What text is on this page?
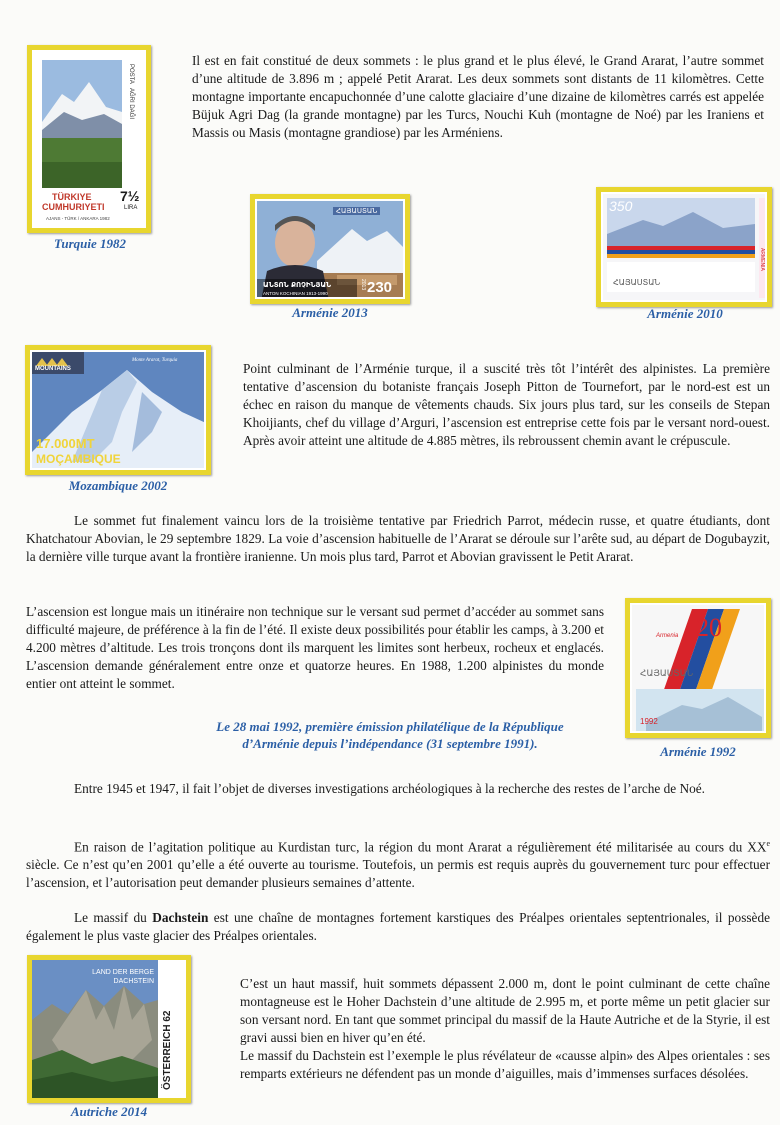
POSTA
AĞRI DAĞI
TÜRKIYE
CUMHURIYETI
7½
LIRA
AJANS - TÜRK / ANKARA 1982
Turquie 1982
Il est en fait constitué de deux sommets : le plus grand et le plus élevé, le Grand Ararat, l’autre sommet d’une altitude de 3.896 m ; appelé Petit Ararat. Les deux sommets sont distants de 11 kilomètres. Cette montagne importante encapuchonnée d’une calotte glaciaire d’une dizaine de kilomètres carrés est appelée Büjuk Agri Dag (la grande montagne) par les Turcs, Nouchi Kuh (montagne de Noé) par les Iraniens et Massis ou Masis (montagne grandiose) par les Arméniens.
ՀԱՅԱՍՏԱՆ
ԱՆՏՈՆ ՔՈՉԻՆՅԱՆ
ANTON KOCHINIAN 1913-1990
2013 230
Arménie 2013
350
ՀԱՅԱՍՏԱՆ
ARMENIA
Arménie 2010
MOUNTAINS
Monte Ararat, Turquia
17.000MT
MOÇAMBIQUE
Mozambique 2002
Point culminant de l’Arménie turque, il a suscité très tôt l’intérêt des alpinistes. La première tentative d’ascension du botaniste français Joseph Pitton de Tournefort, par le nord-est est un échec en raison du manque de vêtements chauds. Six jours plus tard, sur les conseils de Stepan Khoijiants, chef du village d’Arguri, l’ascension est entreprise cette fois par le versant nord-ouest. Après avoir atteint une altitude de 4.885 mètres, ils rebroussent chemin avant le crépuscule.
Le sommet fut finalement vaincu lors de la troisième tentative par Friedrich Parrot, médecin russe, et quatre étudiants, dont Khatchatour Abovian, le 29 septembre 1829. La voie d’ascension habituelle de l’Ararat se déroule sur l’arête sud, au départ de Dogubayzit, la dernière ville turque avant la frontière iranienne. Un mois plus tard, Parrot et Abovian gravissent le Petit Ararat.
L’ascension est longue mais un itinéraire non technique sur le versant sud permet d’accéder au sommet sans difficulté majeure, de préférence à la fin de l’été. Il existe deux possibilités pour établir les camps, à 3.200 et 4.200 mètres d’altitude. Les trois tronçons dont ils marquent les limites sont herbeux, rocheux et englacés. L’ascension demande généralement entre onze et quatorze heures. En 1988, 1.200 alpinistes du monde entier ont atteint le sommet.
Le 28 mai 1992, première émission philatélique de la République
d’Arménie depuis l’indépendance (31 septembre 1991).
Armenia 20
ՀԱՅԱՍՏԱՆ
1992
Arménie 1992
Entre 1945 et 1947, il fait l’objet de diverses investigations archéologiques à la recherche des restes de l’arche de Noé.
En raison de l’agitation politique au Kurdistan turc, la région du mont Ararat a régulièrement été militarisée au cours du XXe siècle. Ce n’est qu’en 2001 qu’elle a été ouverte au tourisme. Toutefois, un permis est requis auprès du gouvernement turc pour effectuer l’ascension, et l’autorisation peut demander plusieurs semaines d’attente.
Le massif du Dachstein est une chaîne de montagnes fortement karstiques des Préalpes orientales septentrionales, il possède également le plus vaste glacier des Préalpes orientales.
LAND DER BERGE
DACHSTEIN
ÖSTERREICH 62
Autriche 2014
C’est un haut massif, huit sommets dépassent 2.000 m, dont le point culminant de cette chaîne montagneuse est le Hoher Dachstein d’une altitude de 2.995 m, et porte même un petit glacier sur son versant nord. En tant que sommet principal du massif de la Haute Autriche et de la Styrie, il est gravi aussi bien en hiver qu’en été.
Le massif du Dachstein est l’exemple le plus révélateur de «causse alpin» des Alpes orientales : ses remparts extérieurs ne défendent pas un monde d’aiguilles, mais d’immenses surfaces désolées.
